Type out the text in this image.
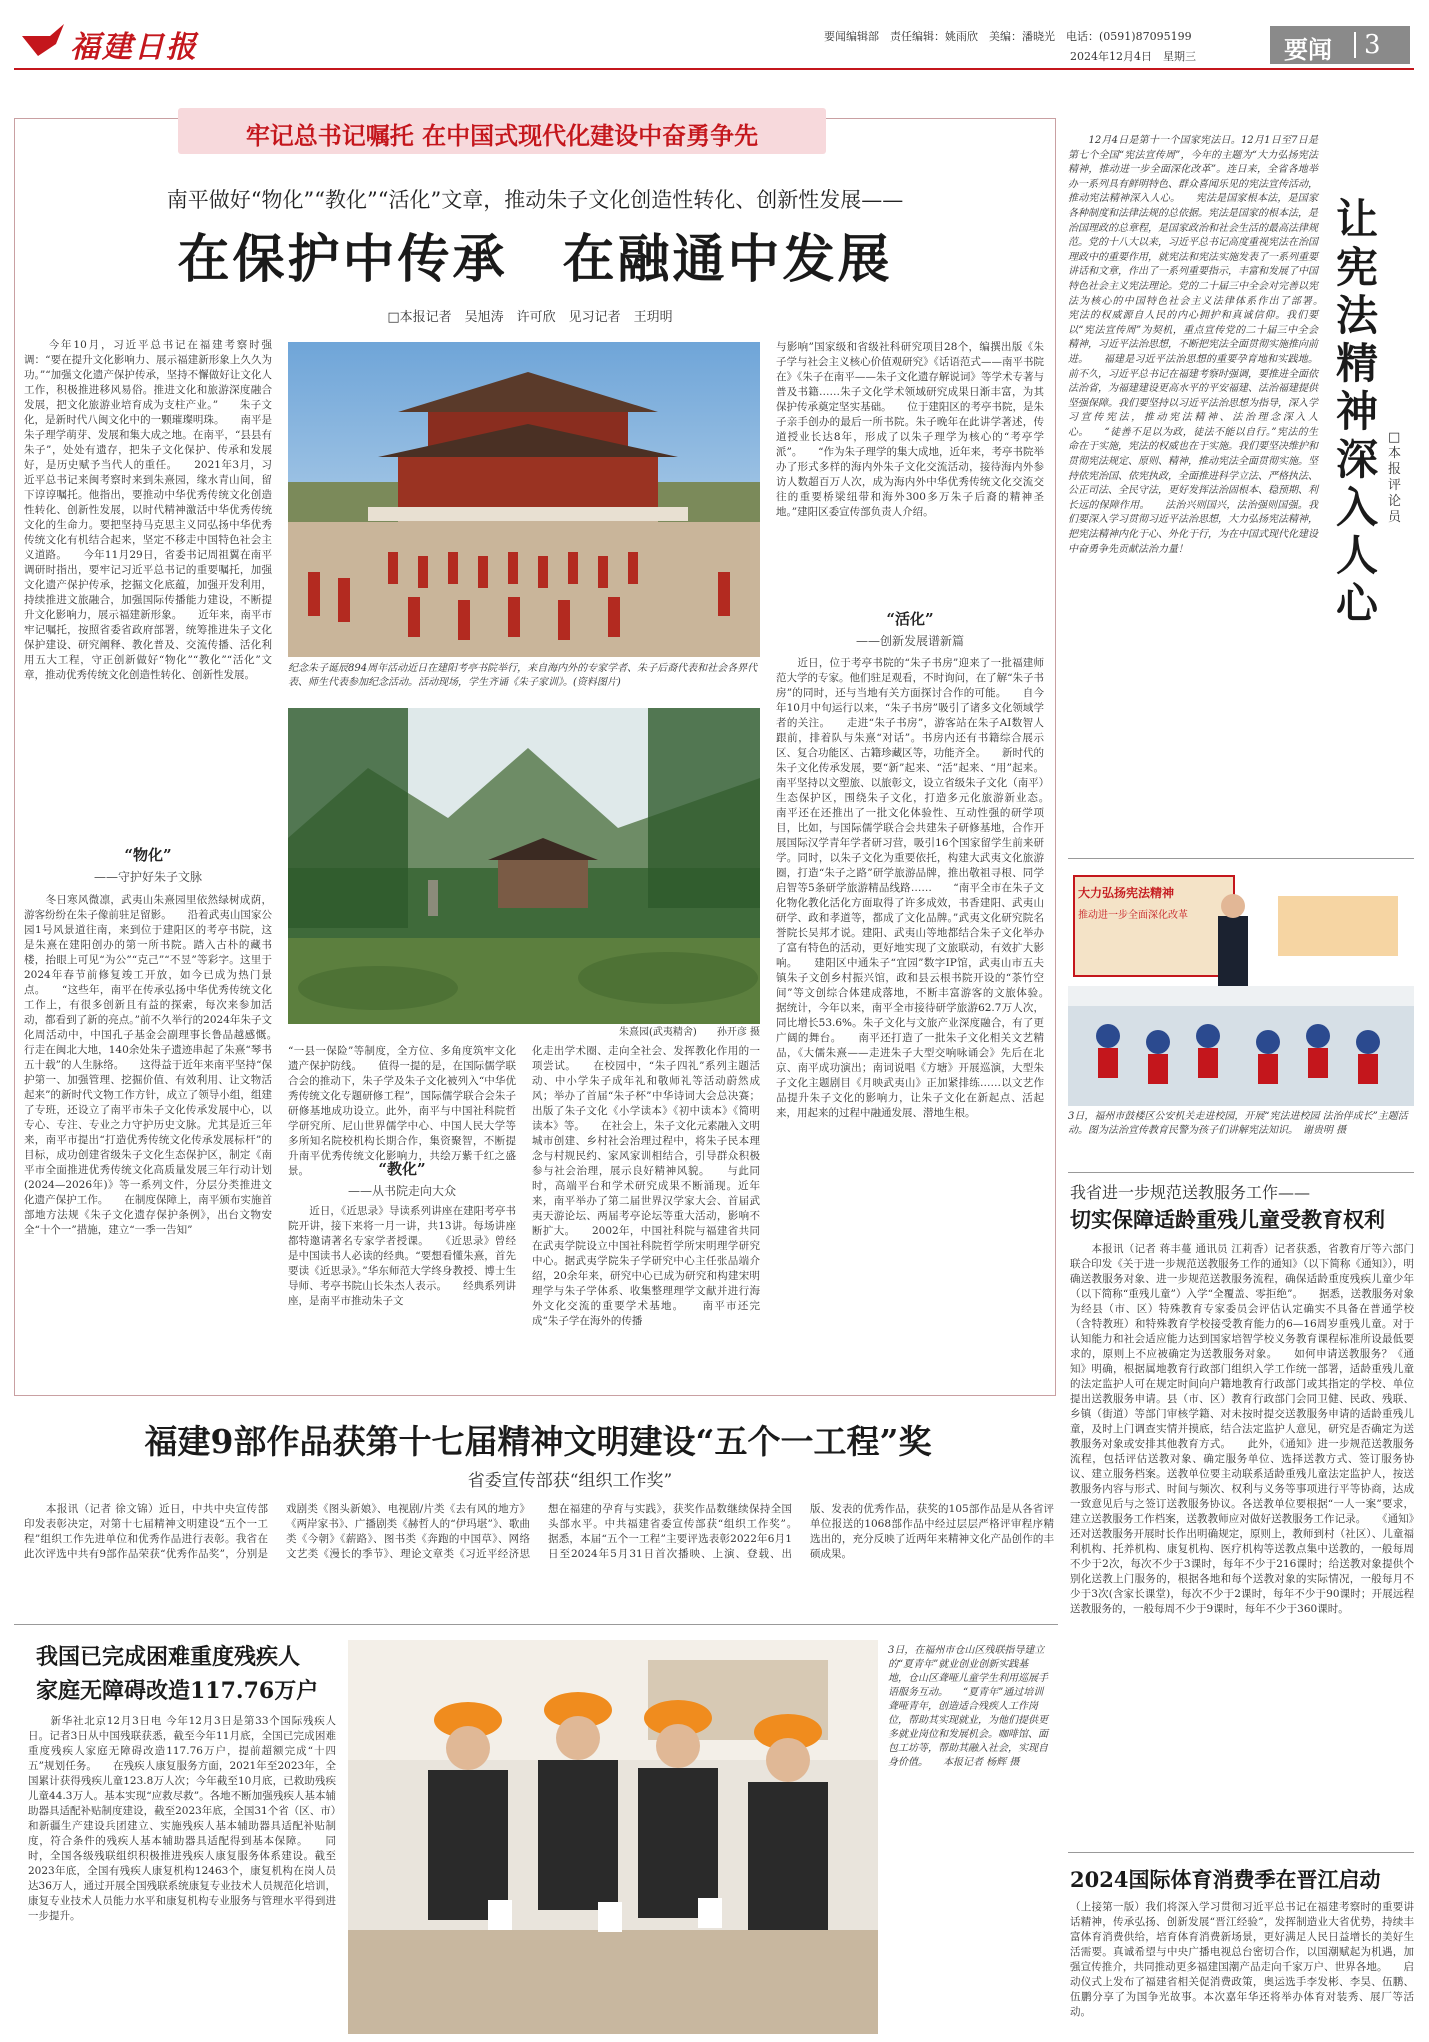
福建日报	要闻编辑部　责任编辑：姚雨欣　美编：潘晓光　电话：(0591)87095199
2024年12月4日　星期三	要闻 3
牢记总书记嘱托 在中国式现代化建设中奋勇争先
南平做好“物化”“教化”“活化”文章，推动朱子文化创造性转化、创新性发展——
在保护中传承　在融通中发展
□本报记者　吴旭涛　许可欣　见习记者　王玥明
　　今年10月，习近平总书记在福建考察时强调：“要在提升文化影响力、展示福建新形象上久久为功。”“加强文化遗产保护传承，坚持不懈做好让文化人工作，积极推进移风易俗。推进文化和旅游深度融合发展，把文化旅游业培育成为支柱产业。”　　朱子文化，是新时代八闽文化中的一颗璀璨明珠。　　南平是朱子理学萌芽、发展和集大成之地。在南平，“县县有朱子”，处处有遗存，把朱子文化保护、传承和发展好，是历史赋予当代人的重任。　　2021年3月，习近平总书记来闽考察时来到朱熹园，缘水青山间，留下谆谆嘱托。他指出，要推动中华优秀传统文化创造性转化、创新性发展，以时代精神激活中华优秀传统文化的生命力。要把坚持马克思主义同弘扬中华优秀传统文化有机结合起来，坚定不移走中国特色社会主义道路。　　今年11月29日，省委书记周祖翼在南平调研时指出，要牢记习近平总书记的重要嘱托，加强文化遗产保护传承，挖掘文化底蕴，加强开发利用，持续推进文旅融合，加强国际传播能力建设，不断提升文化影响力，展示福建新形象。　　近年来，南平市牢记嘱托，按照省委省政府部署，统筹推进朱子文化保护建设、研究阐释、教化普及、交流传播、活化利用五大工程，守正创新做好“物化”“教化”“活化”文章，推动优秀传统文化创造性转化、创新性发展。
“物化”
——守护好朱子文脉
　　冬日寒风微凛，武夷山朱熹园里依然绿树成荫，游客纷纷在朱子像前驻足留影。　　沿着武夷山国家公园1号风景道往南，来到位于建阳区的考亭书院，这是朱熹在建阳创办的第一所书院。踏入古朴的藏书楼，抬眼上可见“为公”“克己”“不昱”等彩字。这里于2024年春节前修复竣工开放，如今已成为热门景点。　　“这些年，南平在传承弘扬中华优秀传统文化工作上，有很多创新且有益的探索，每次来参加活动，都看到了新的亮点。”前不久举行的2024年朱子文化周活动中，中国孔子基金会副理事长鲁品越感慨。　　行走在闽北大地，140余处朱子遗迹串起了朱熹“琴书五十载”的人生脉络。　　这得益于近年来南平坚持“保护第一、加强管理、挖掘价值、有效利用、让文物活起来”的新时代文物工作方针，成立了领导小组，组建了专班，还设立了南平市朱子文化传承发展中心，以专心、专注、专业之力守护历史文脉。尤其是近三年来，南平市提出“打造优秀传统文化传承发展标杆”的目标，成功创建省级朱子文化生态保护区，制定《南平市全面推进优秀传统文化高质量发展三年行动计划(2024—2026年)》等一系列文件，分层分类推进文化遗产保护工作。　　在制度保障上，南平颁布实施首部地方法规《朱子文化遗存保护条例》，出台文物安全“十个一”措施，建立“一季一告知”
纪念朱子诞辰894周年活动近日在建阳考亭书院举行，来自海内外的专家学者、朱子后裔代表和社会各界代表、师生代表参加纪念活动。活动现场，学生齐诵《朱子家训》。(资料图片)
朱熹园(武夷精舍)　　孙开彦 摄
“一县一保险”等制度，全方位、多角度筑牢文化遗产保护防线。　　值得一提的是，在国际儒学联合会的推动下，朱子学及朱子文化被列入“中华优秀传统文化专题研修工程”，国际儒学联合会朱子研修基地成功设立。此外，南平与中国社科院哲学研究所、尼山世界儒学中心、中国人民大学等多所知名院校机构长期合作，集资聚智，不断提升南平优秀传统文化影响力，共绘万紫千红之盛景。	“教化”
——从书院走向大众
　　近日，《近思录》导读系列讲座在建阳考亭书院开讲，接下来将一月一讲，共13讲。每场讲座都特邀请著名专家学者授课。　　《近思录》曾经是中国读书人必读的经典。“要想看懂朱熹，首先要读《近思录》。”华东师范大学终身教授、博士生导师、考亭书院山长朱杰人表示。　　经典系列讲座，是南平市推动朱子文
化走出学术圈、走向全社会、发挥教化作用的一项尝试。　　在校园中，“朱子四礼”系列主题活动、中小学朱子成年礼和敬师礼等活动蔚然成风；举办了首届“朱子杯”中华诗词大会总决赛；出版了朱子文化《小学读本》《初中读本》《简明读本》等。　　在社会上，朱子文化元素融入文明城市创建、乡村社会治理过程中，将朱子民本理念与村规民约、家风家训相结合，引导群众积极参与社会治理，展示良好精神风貌。　　与此同时，高端平台和学术研究成果不断涌现。近年来，南平举办了第二届世界汉学家大会、首届武夷天游论坛、两届考亭论坛等重大活动，影响不断扩大。　　2002年，中国社科院与福建省共同在武夷学院设立中国社科院哲学所宋明理学研究中心。据武夷学院朱子学研究中心主任张品端介绍，20余年来，研究中心已成为研究和构建宋明理学与朱子学体系、收集整理理学文献并进行海外文化交流的重要学术基地。　　南平市还完成“朱子学在海外的传播
与影响”国家级和省级社科研究项目28个，编撰出版《朱子学与社会主义核心价值观研究》《话语范式——南平书院在》《朱子在南平——朱子文化遗存解说词》等学术专著与普及书籍……朱子文化学术领域研究成果日渐丰富，为其保护传承奠定坚实基础。　　位于建阳区的考亭书院，是朱子亲手创办的最后一所书院。朱子晚年在此讲学著述，传道授业长达8年，形成了以朱子理学为核心的“考亭学派”。　　“作为朱子理学的集大成地，近年来，考亭书院举办了形式多样的海内外朱子文化交流活动，接待海内外参访人数超百万人次，成为海内外中华优秀传统文化交流交往的重要桥梁纽带和海外300多万朱子后裔的精神圣地。”建阳区委宣传部负责人介绍。
“活化”
——创新发展谱新篇
　　近日，位于考亭书院的“朱子书房”迎来了一批福建师范大学的专家。他们驻足观看，不时询问，在了解“朱子书房”的同时，还与当地有关方面探讨合作的可能。　　自今年10月中旬运行以来，“朱子书房”吸引了诸多文化领域学者的关注。　　走进“朱子书房”，游客站在朱子AI数智人跟前，排着队与朱熹“对话”。书房内还有书籍综合展示区、复合功能区、古籍珍藏区等，功能齐全。　　新时代的朱子文化传承发展，要“新”起来、“活”起来、“用”起来。南平坚持以文塑旅、以旅彰文，设立省级朱子文化（南平）生态保护区，围绕朱子文化，打造多元化旅游新业态。　　南平还在还推出了一批文化体验性、互动性强的研学项目，比如，与国际儒学联合会共建朱子研修基地，合作开展国际汉学青年学者研习营，吸引16个国家留学生前来研学。同时，以朱子文化为重要依托，构建大武夷文化旅游圈，打造“朱子之路”研学旅游品牌，推出敬祖寻根、同学启智等5条研学旅游精品线路……　　“南平全市在朱子文化物化教化活化方面取得了许多成效，书香建阳、武夷山研学、政和孝道等，都成了文化品牌。”武夷文化研究院名誉院长吴邦才说。建阳、武夷山等地都结合朱子文化举办了富有特色的活动，更好地实现了文旅联动，有效扩大影响。　　建阳区中通朱子“宜园”数字IP馆，武夷山市五夫镇朱子文创乡村振兴馆，政和县云根书院开设的“茶竹空间”等文创综合体建成落地，不断丰富游客的文旅体验。　　据统计，今年以来，南平全市接待研学旅游62.7万人次，同比增长53.6%。朱子文化与文旅产业深度融合，有了更广阔的舞台。　　南平还打造了一批朱子文化相关文艺精品，《大儒朱熹——走进朱子大型交响咏诵会》先后在北京、南平成功演出；南词说唱《方塘》开展巡演，大型朱子文化主题剧目《月映武夷山》正加紧排练……以文艺作品提升朱子文化的影响力，让朱子文化在新起点、活起来，用起来的过程中融通发展、潜地生根。
　　12月4日是第十一个国家宪法日。12月1日至7日是第七个全国“宪法宣传周”，今年的主题为“大力弘扬宪法精神，推动进一步全面深化改革”。连日来，全省各地举办一系列具有鲜明特色、群众喜闻乐见的宪法宣传活动，推动宪法精神深入人心。　　宪法是国家根本法，是国家各种制度和法律法规的总依据。宪法是国家的根本法，是治国理政的总章程，是国家政治和社会生活的最高法律规范。党的十八大以来，习近平总书记高度重视宪法在治国理政中的重要作用，就宪法和宪法实施发表了一系列重要讲话和文章，作出了一系列重要指示，丰富和发展了中国特色社会主义宪法理论。党的二十届三中全会对完善以宪法为核心的中国特色社会主义法律体系作出了部署。　　宪法的权威源自人民的内心拥护和真诚信仰。我们要以“宪法宣传周”为契机，重点宣传党的二十届三中全会精神，习近平法治思想，不断把宪法全面贯彻实施推向前进。　　福建是习近平法治思想的重要孕育地和实践地。前不久，习近平总书记在福建考察时强调，要推进全面依法治省，为福建建设更高水平的平安福建、法治福建提供坚强保障。我们要坚持以习近平法治思想为指导，深入学习宣传宪法，推动宪法精神、法治理念深入人心。　　“徒善不足以为政，徒法不能以自行。”宪法的生命在于实施，宪法的权威也在于实施。我们要坚决维护和贯彻宪法规定、原则、精神，推动宪法全面贯彻实施。坚持依宪治国、依宪执政，全面推进科学立法、严格执法、公正司法、全民守法，更好发挥法治固根本、稳预期、利长远的保障作用。　　法治兴则国兴，法治强则国强。我们要深入学习贯彻习近平法治思想，大力弘扬宪法精神，把宪法精神内化于心、外化于行，为在中国式现代化建设中奋勇争先贡献法治力量！
让宪法精神深入人心
□本报评论员
大力弘扬宪法精神
推动进一步全面深化改革
3日，福州市鼓楼区公安机关走进校园，开展“宪法进校园 法治伴成长”主题活动。图为法治宣传教育民警为孩子们讲解宪法知识。　谢贵明 摄
我省进一步规范送教服务工作——
切实保障适龄重残儿童受教育权利
　　本报讯（记者 蒋丰蔓 通讯员 江莉香）记者获悉，省教育厅等六部门联合印发《关于进一步规范送教服务工作的通知》（以下简称《通知》），明确送教服务对象、进一步规范送教服务流程，确保适龄重度残疾儿童少年（以下简称“重残儿童”）入学“全覆盖、零拒绝”。　　据悉，送教服务对象为经县（市、区）特殊教育专家委员会评估认定确实不具备在普通学校（含特教班）和特殊教育学校接受教育能力的6—16周岁重残儿童。对于认知能力和社会适应能力达到国家培智学校义务教育课程标准所设最低要求的，原则上不应被确定为送教服务对象。　　如何申请送教服务？《通知》明确，根据属地教育行政部门组织入学工作统一部署，适龄重残儿童的法定监护人可在规定时间向户籍地教育行政部门或其指定的学校、单位提出送教服务申请。县（市、区）教育行政部门会同卫健、民政、残联、乡镇（街道）等部门审核学籍、对未按时提交送教服务申请的适龄重残儿童，及时上门调查实情并摸底，结合法定监护人意见，研究是否确定为送教服务对象或安排其他教育方式。　　此外，《通知》进一步规范送教服务流程，包括评估送教对象、确定服务单位、选择送教方式、签订服务协议、建立服务档案。送教单位要主动联系适龄重残儿童法定监护人，按送教服务内容与形式、时间与频次、权利与义务等事项进行平等协商，达成一致意见后与之签订送教服务协议。各送教单位要根据“一人一案”要求，建立送教服务工作档案，送教教师应对做好送教服务工作记录。　　《通知》还对送教服务开展时长作出明确规定，原则上，教师到村（社区）、儿童福利机构、托养机构、康复机构、医疗机构等送教点集中送教的，一般每周不少于2次，每次不少于3课时，每年不少于216课时；给送教对象提供个别化送教上门服务的，根据各地和每个送教对象的实际情况，一般每月不少于3次(含家长课堂)，每次不少于2课时，每年不少于90课时；开展远程送教服务的，一般每周不少于9课时，每年不少于360课时。
2024国际体育消费季在晋江启动
（上接第一版）我们将深入学习贯彻习近平总书记在福建考察时的重要讲话精神，传承弘扬、创新发展“晋江经验”，发挥制造业大省优势，持续丰富体育消费供给，培育体育消费新场景，更好满足人民日益增长的美好生活需要。真诚希望与中央广播电视总台密切合作，以国潮赋起为机遇，加强宣传推介，共同推动更多福建国潮产品走向千家万户、世界各地。　　启动仪式上发布了福建省相关促消费政策，奥运选手李发彬、李昊、伍鹏、伍鹏分享了为国争光故事。本次嘉年华还将举办体育对装秀、展厂等活动。
福建9部作品获第十七届精神文明建设“五个一工程”奖
省委宣传部获“组织工作奖”
　　本报讯（记者 徐文锦）近日，中共中央宣传部印发表彰决定，对第十七届精神文明建设“五个一工程”组织工作先进单位和优秀作品进行表彰。我省在此次评选中共有9部作品荣获“优秀作品奖”，分别是戏剧类《图头新娘》、电视剧/片类《去有风的地方》《两岸家书》、广播剧类《赫哲人的“伊玛堪”》、歌曲类《今朝》《薪路》、图书类《奔跑的中国草》、网络文艺类《漫长的季节》、理论文章类《习近平经济思想在福建的孕育与实践》，获奖作品数继续保持全国头部水平。中共福建省委宣传部获“组织工作奖”。　　据悉，本届“五个一工程”主要评选表彰2022年6月1日至2024年5月31日首次播映、上演、登载、出版、发表的优秀作品，获奖的105部作品是从各省评单位报送的1068部作品中经过层层严格评审程序精选出的，充分反映了近两年来精神文化产品创作的丰硕成果。
我国已完成困难重度残疾人
家庭无障碍改造117.76万户
　　新华社北京12月3日电 今年12月3日是第33个国际残疾人日。记者3日从中国残联获悉，截至今年11月底，全国已完成困难重度残疾人家庭无障碍改造117.76万户，提前超额完成“十四五”规划任务。　　在残疾人康复服务方面，2021年至2023年，全国累计获得残疾儿童123.8万人次；今年截至10月底，已救助残疾儿童44.3万人。基本实现“应救尽救”。各地不断加强残疾人基本辅助器具适配补贴制度建设，截至2023年底，全国31个省（区、市）和新疆生产建设兵团建立、实施残疾人基本辅助器具适配补贴制度，符合条件的残疾人基本辅助器具适配得到基本保障。　　同时，全国各级残联组织积极推进残疾人康复服务体系建设。截至2023年底，全国有残疾人康复机构12463个，康复机构在岗人员达36万人，通过开展全国残联系统康复专业技术人员规范化培训，康复专业技术人员能力水平和康复机构专业服务与管理水平得到进一步提升。
3日，在福州市仓山区残联指导建立的“夏青年”就业创业创新实践基地，仓山区聋哑儿童学生利用巡展手语服务互动。　　“夏青年”通过培训聋哑青年，创造适合残疾人工作岗位，帮助其实现就业，为他们提供更多就业岗位和发展机会。咖啡馆、面包工坊等，帮助其融入社会，实现自身价值。　　本报记者 杨辉 摄
